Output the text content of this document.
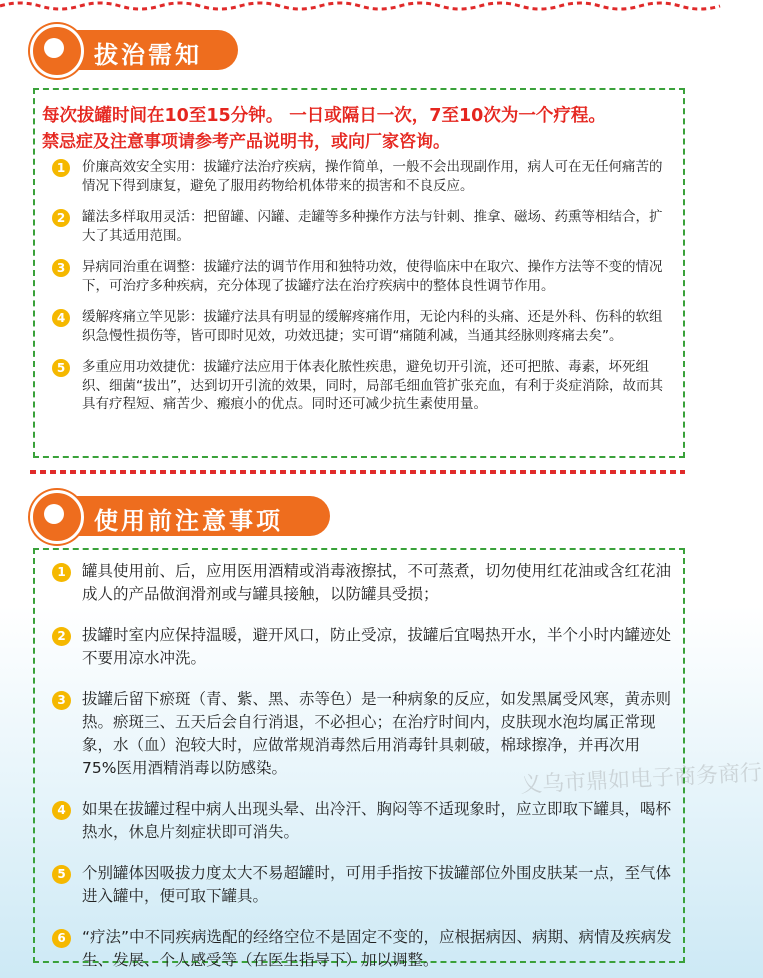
拔治需知
每次拔罐时间在10至15分钟。 一日或隔日一次，7至10次为一个疗程。
禁忌症及注意事项请参考产品说明书，或向厂家咨询。
1	价廉高效安全实用：拔罐疗法治疗疾病，操作简单，一般不会出现副作用，病人可在无任何痛苦的情况下得到康复，避免了服用药物给机体带来的损害和不良反应。
2	罐法多样取用灵活：把留罐、闪罐、走罐等多种操作方法与针刺、推拿、磁场、药熏等相结合，扩大了其适用范围。
3	异病同治重在调整：拔罐疗法的调节作用和独特功效，使得临床中在取穴、操作方法等不变的情况下，可治疗多种疾病，充分体现了拔罐疗法在治疗疾病中的整体良性调节作用。
4	缓解疼痛立竿见影：拔罐疗法具有明显的缓解疼痛作用，无论内科的头痛、还是外科、伤科的软组织急慢性损伤等，皆可即时见效，功效迅捷；实可谓“痛随利减，当通其经脉则疼痛去矣”。
5	多重应用功效捷优：拔罐疗法应用于体表化脓性疾患，避免切开引流，还可把脓、毒素，坏死组织、细菌“拔出”，达到切开引流的效果，同时，局部毛细血管扩张充血，有利于炎症消除，故而其具有疗程短、痛苦少、瘢痕小的优点。同时还可减少抗生素使用量。
使用前注意事项
义乌市鼎如电子商务商行
1	罐具使用前、后，应用医用酒精或消毒液擦拭，不可蒸煮，切勿使用红花油或含红花油成人的产品做润滑剂或与罐具接触，以防罐具受损；
2	拔罐时室内应保持温暖，避开风口，防止受凉，拔罐后宜喝热开水，半个小时内罐迹处不要用凉水冲洗。
3	拔罐后留下瘀斑（青、紫、黑、赤等色）是一种病象的反应，如发黑属受风寒，黄赤则热。瘀斑三、五天后会自行消退，不必担心；在治疗时间内，皮肤现水泡均属正常现象，水（血）泡较大时，应做常规消毒然后用消毒针具刺破，棉球擦净，并再次用75%医用酒精消毒以防感染。
4	如果在拔罐过程中病人出现头晕、出冷汗、胸闷等不适现象时，应立即取下罐具，喝杯热水，休息片刻症状即可消失。
5	个别罐体因吸拔力度太大不易超罐时，可用手指按下拔罐部位外围皮肤某一点，至气体进入罐中，便可取下罐具。
6	“疗法”中不同疾病选配的经络空位不是固定不变的，应根据病因、病期、病情及疾病发生、发展、个人感受等（在医生指导下）加以调整。
